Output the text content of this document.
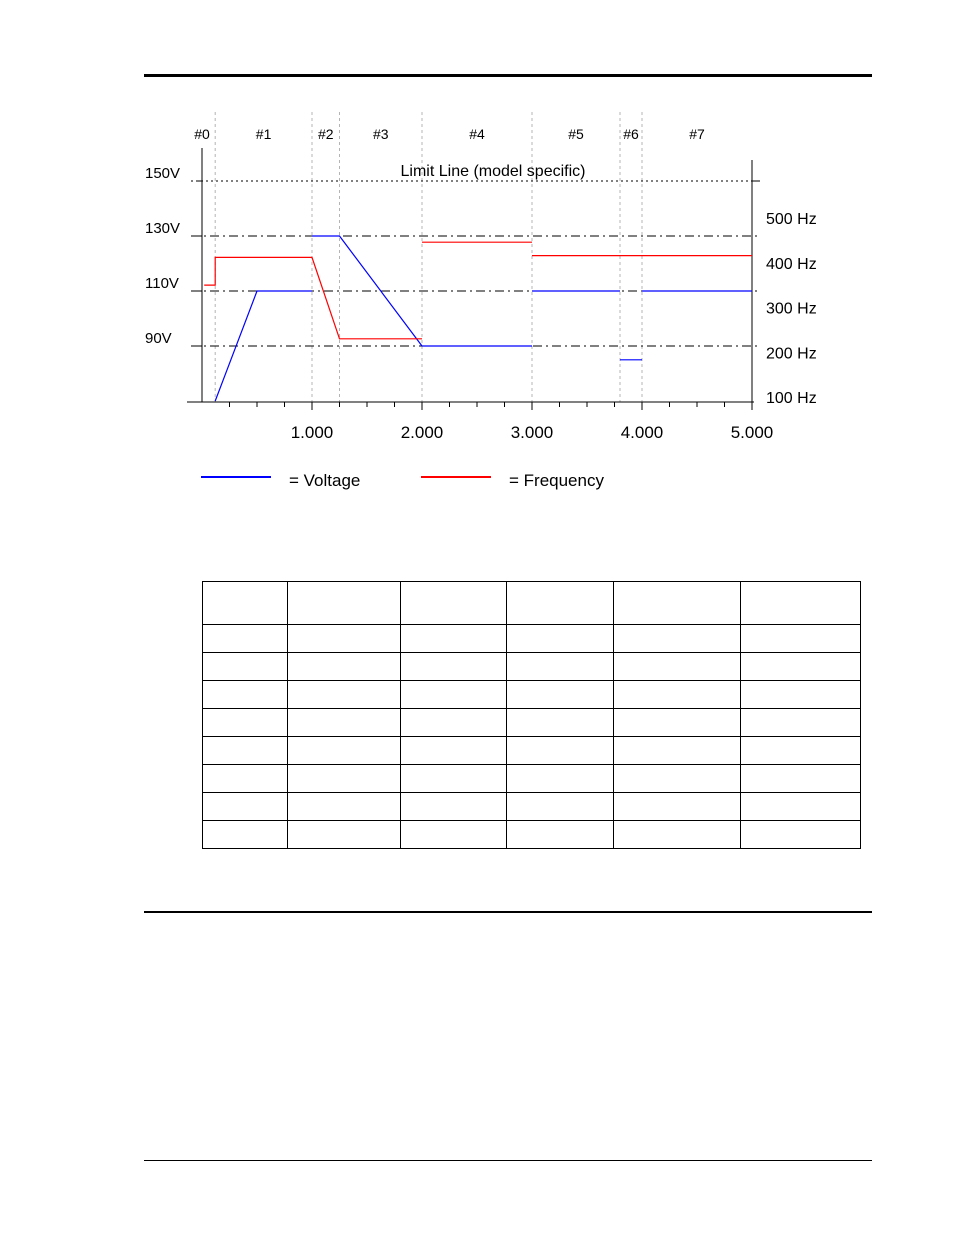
#0	#1	#2	#3	#4	#5	#6	#7
Limit Line (model specific)
90V
110V
130V
150V
100 Hz
200 Hz
300 Hz
400 Hz
500 Hz
1.000	2.000	3.000	4.000	5.000
= Voltage	= Frequency
